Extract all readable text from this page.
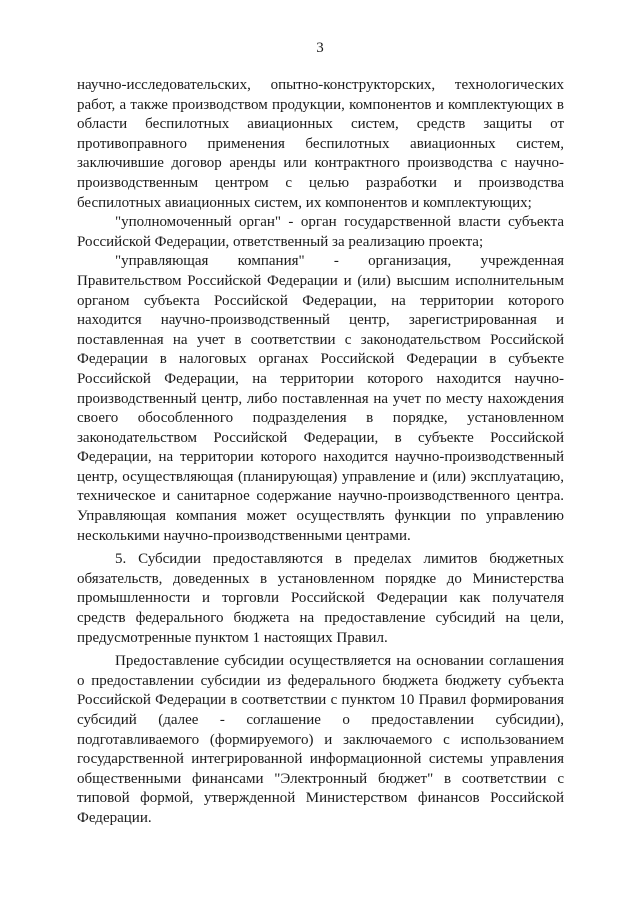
3

научно-исследовательских, опытно-конструкторских, технологических работ, а также производством продукции, компонентов и комплектующих в области беспилотных авиационных систем, средств защиты от противоправного применения беспилотных авиационных систем, заключившие договор аренды или контрактного производства с научно-производственным центром с целью разработки и производства беспилотных авиационных систем, их компонентов и комплектующих;

"уполномоченный орган" - орган государственной власти субъекта Российской Федерации, ответственный за реализацию проекта;

"управляющая компания" - организация, учрежденная Правительством Российской Федерации и (или) высшим исполнительным органом субъекта Российской Федерации, на территории которого находится научно-производственный центр, зарегистрированная и поставленная на учет в соответствии с законодательством Российской Федерации в налоговых органах Российской Федерации в субъекте Российской Федерации, на территории которого находится научно-производственный центр, либо поставленная на учет по месту нахождения своего обособленного подразделения в порядке, установленном законодательством Российской Федерации, в субъекте Российской Федерации, на территории которого находится научно-производственный центр, осуществляющая (планирующая) управление и (или) эксплуатацию, техническое и санитарное содержание научно-производственного центра. Управляющая компания может осуществлять функции по управлению несколькими научно-производственными центрами.

5. Субсидии предоставляются в пределах лимитов бюджетных обязательств, доведенных в установленном порядке до Министерства промышленности и торговли Российской Федерации как получателя средств федерального бюджета на предоставление субсидий на цели, предусмотренные пунктом 1 настоящих Правил.

Предоставление субсидии осуществляется на основании соглашения о предоставлении субсидии из федерального бюджета бюджету субъекта Российской Федерации в соответствии с пунктом 10 Правил формирования субсидий (далее - соглашение о предоставлении субсидии), подготавливаемого (формируемого) и заключаемого с использованием государственной интегрированной информационной системы управления общественными финансами "Электронный бюджет" в соответствии с типовой формой, утвержденной Министерством финансов Российской Федерации.
